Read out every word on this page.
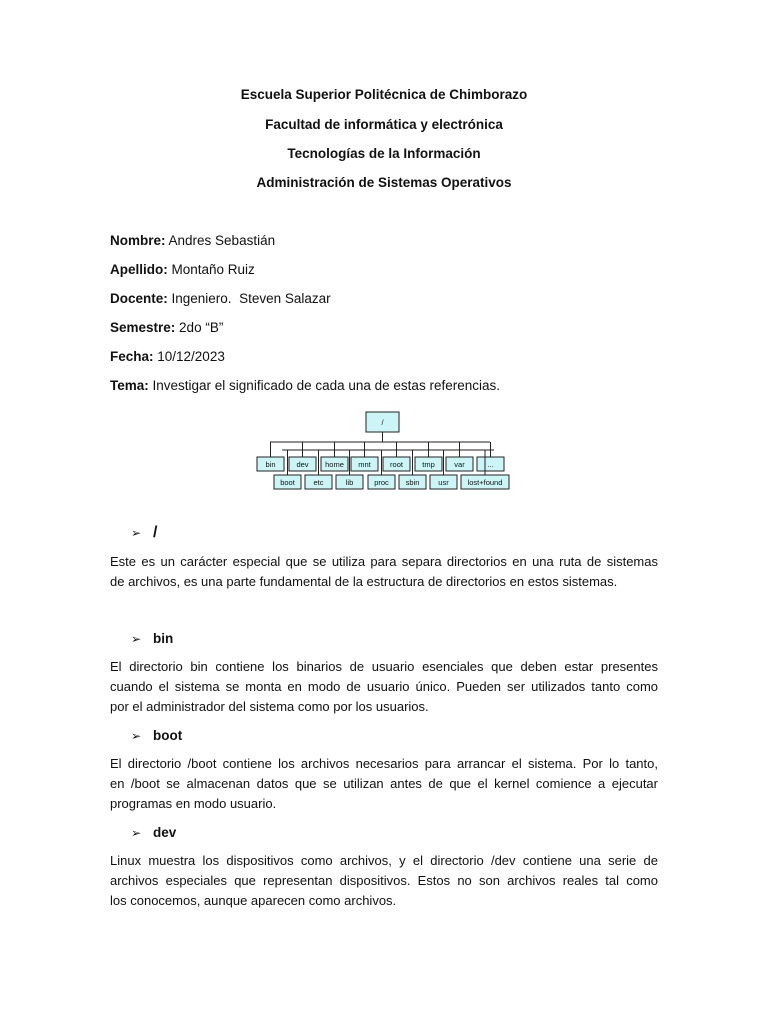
Escuela Superior Politécnica de Chimborazo
Facultad de informática y electrónica
Tecnologías de la Información
Administración de Sistemas Operativos
Nombre: Andres Sebastián
Apellido: Montaño Ruiz
Docente: Ingeniero.  Steven Salazar
Semestre: 2do “B”
Fecha: 10/12/2023
Tema: Investigar el significado de cada una de estas referencias.
/
bin	dev home mnt	root	tmp	var	...
boot etc	lib	proc sbin	usr	lost+found
➢ /
Este es un carácter especial que se utiliza para separa directorios en una ruta de sistemas
de archivos, es una parte fundamental de la estructura de directorios en estos sistemas.
➢ bin
El directorio bin contiene los binarios de usuario esenciales que deben estar presentes
cuando el sistema se monta en modo de usuario único. Pueden ser utilizados tanto como
por el administrador del sistema como por los usuarios.
➢ boot
El directorio /boot contiene los archivos necesarios para arrancar el sistema. Por lo tanto,
en /boot se almacenan datos que se utilizan antes de que el kernel comience a ejecutar
programas en modo usuario.
➢ dev
Linux muestra los dispositivos como archivos, y el directorio /dev contiene una serie de
archivos especiales que representan dispositivos. Estos no son archivos reales tal como
los conocemos, aunque aparecen como archivos.
